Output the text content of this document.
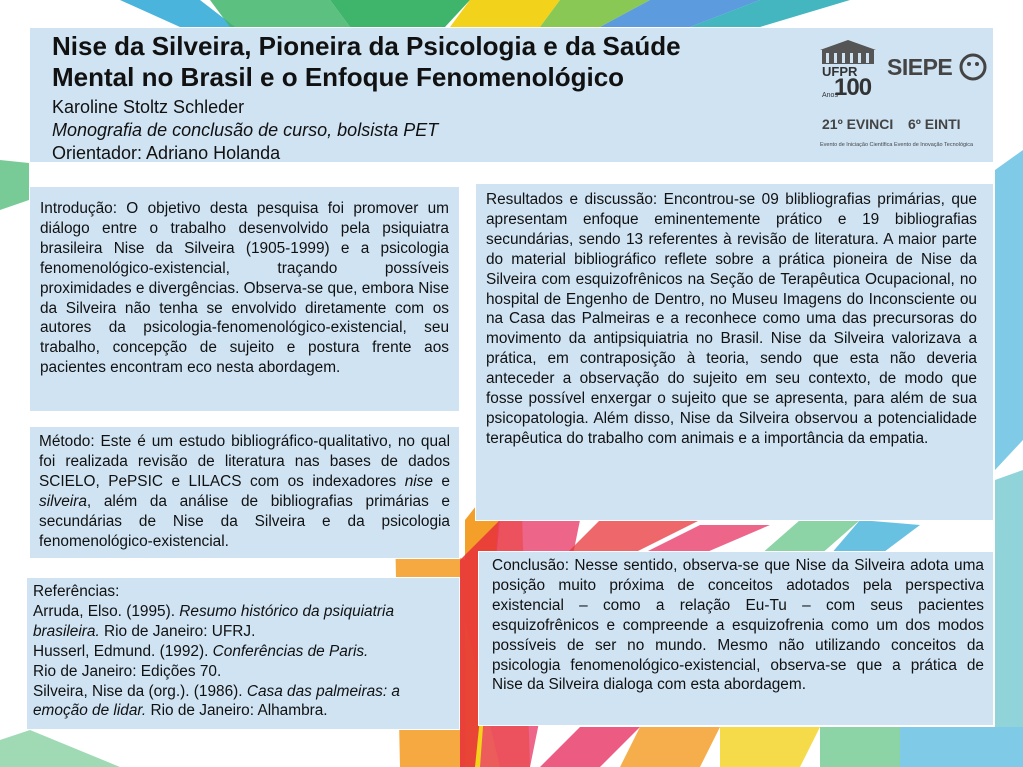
Nise da Silveira, Pioneira da Psicologia e da Saúde
Mental no Brasil e o Enfoque Fenomenológico
Karoline Stoltz Schleder
Monografia de conclusão de curso, bolsista PET
Orientador: Adriano Holanda
UFPR
100
Anos
SIEPE
21º EVINCI 6º EINTI
Evento de Iniciação Científica Evento de Inovação Tecnológica

Introdução: O objetivo desta pesquisa foi promover um diálogo entre o trabalho desenvolvido pela psiquiatra brasileira Nise da Silveira (1905-1999) e a psicologia fenomenológico-existencial, traçando possíveis proximidades e divergências. Observa-se que, embora Nise da Silveira não tenha se envolvido diretamente com os autores da psicologia-fenomenológico-existencial, seu trabalho, concepção de sujeito e postura frente aos pacientes encontram eco nesta abordagem.

Método: Este é um estudo bibliográfico-qualitativo, no qual foi realizada revisão de literatura nas bases de dados SCIELO, PePSIC e LILACS com os indexadores nise e silveira, além da análise de bibliografias primárias e secundárias de Nise da Silveira e da psicologia fenomenológico-existencial.

Referências:
Arruda, Elso. (1995). Resumo histórico da psiquiatria brasileira. Rio de Janeiro: UFRJ.
Husserl, Edmund. (1992). Conferências de Paris.
Rio de Janeiro: Edições 70.
Silveira, Nise da (org.). (1986). Casa das palmeiras: a emoção de lidar. Rio de Janeiro: Alhambra.

Resultados e discussão: Encontrou-se 09 blibliografias primárias, que apresentam enfoque eminentemente prático e 19 bibliografias secundárias, sendo 13 referentes à revisão de literatura. A maior parte do material bibliográfico reflete sobre a prática pioneira de Nise da Silveira com esquizofrênicos na Seção de Terapêutica Ocupacional, no hospital de Engenho de Dentro, no Museu Imagens do Inconsciente ou na Casa das Palmeiras e a reconhece como uma das precursoras do movimento da antipsiquiatria no Brasil. Nise da Silveira valorizava a prática, em contraposição à teoria, sendo que esta não deveria anteceder a observação do sujeito em seu contexto, de modo que fosse possível enxergar o sujeito que se apresenta, para além de sua psicopatologia. Além disso, Nise da Silveira observou a potencialidade terapêutica do trabalho com animais e a importância da empatia.

Conclusão: Nesse sentido, observa-se que Nise da Silveira adota uma posição muito próxima de conceitos adotados pela perspectiva existencial – como a relação Eu-Tu – com seus pacientes esquizofrênicos e compreende a esquizofrenia como um dos modos possíveis de ser no mundo. Mesmo não utilizando conceitos da psicologia fenomenológico-existencial, observa-se que a prática de Nise da Silveira dialoga com esta abordagem.
